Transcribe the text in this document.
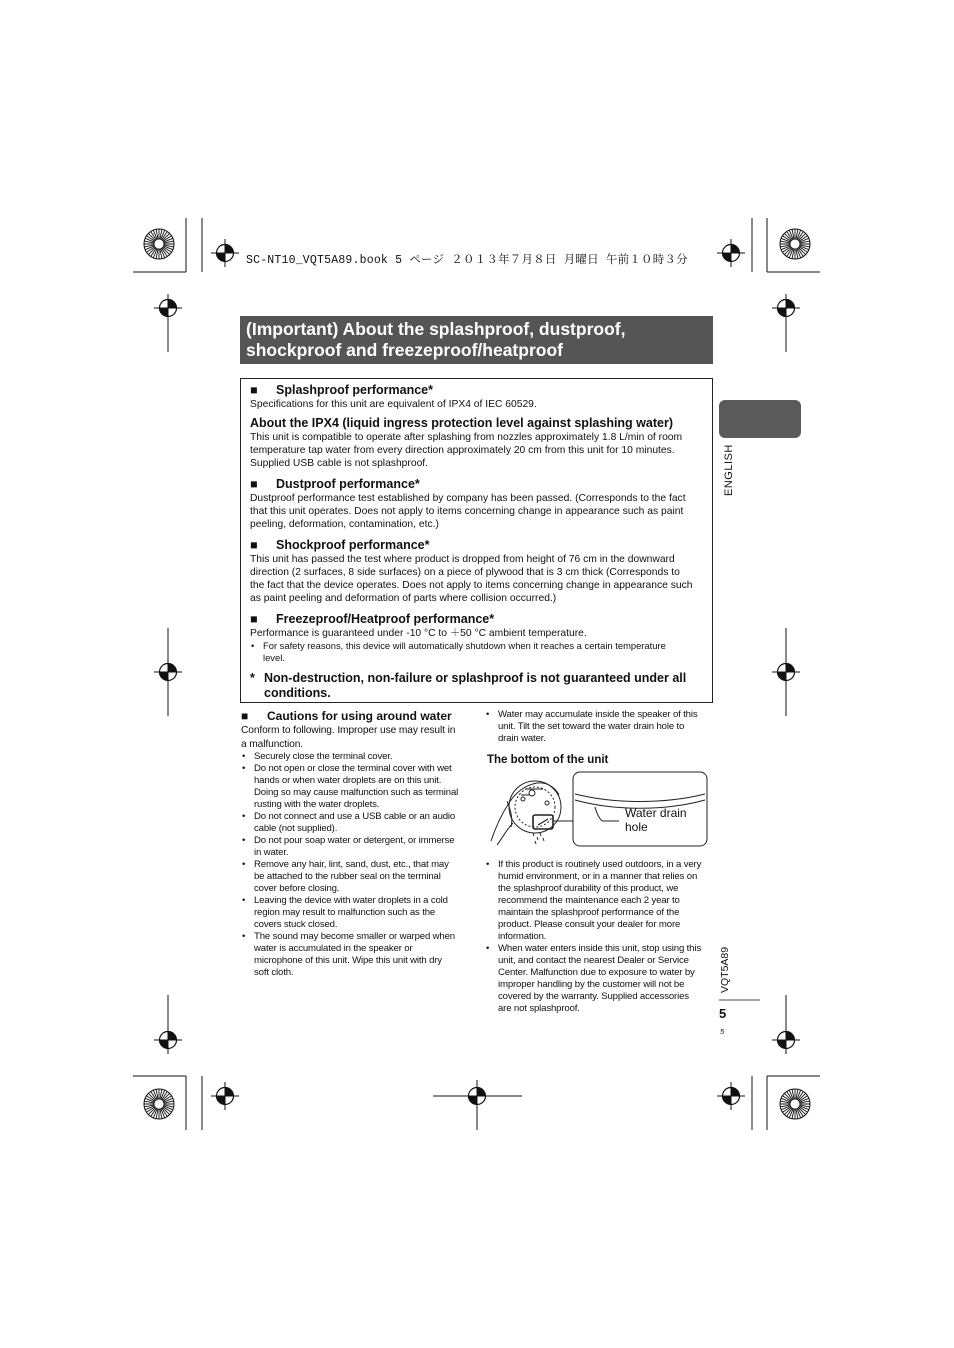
SC-NT10_VQT5A89.book 5 ページ ２０１３年７月８日 月曜日 午前１０時３分
(Important) About the splashproof, dustproof,
shockproof and freezeproof/heatproof
■ Splashproof performance*
Specifications for this unit are equivalent of IPX4 of IEC 60529.
About the IPX4 (liquid ingress protection level against splashing water)
This unit is compatible to operate after splashing from nozzles approximately 1.8 L/min of room
temperature tap water from every direction approximately 20 cm from this unit for 10 minutes.
Supplied USB cable is not splashproof.
■ Dustproof performance*
Dustproof performance test established by company has been passed. (Corresponds to the fact
that this unit operates. Does not apply to items concerning change in appearance such as paint
peeling, deformation, contamination, etc.)
■ Shockproof performance*
This unit has passed the test where product is dropped from height of 76 cm in the downward
direction (2 surfaces, 8 side surfaces) on a piece of plywood that is 3 cm thick (Corresponds to
the fact that the device operates. Does not apply to items concerning change in appearance such
as paint peeling and deformation of parts where collision occurred.)
■ Freezeproof/Heatproof performance*
Performance is guaranteed under -10 °C to ＋50 °C ambient temperature.
• For safety reasons, this device will automatically shutdown when it reaches a certain temperature
level.
* Non-destruction, non-failure or splashproof is not guaranteed under all
conditions.
■ Cautions for using around water
Conform to following. Improper use may result in
a malfunction.
• Securely close the terminal cover.
• Do not open or close the terminal cover with wet
hands or when water droplets are on this unit.
Doing so may cause malfunction such as terminal
rusting with the water droplets.
• Do not connect and use a USB cable or an audio
cable (not supplied).
• Do not pour soap water or detergent, or immerse
in water.
• Remove any hair, lint, sand, dust, etc., that may
be attached to the rubber seal on the terminal
cover before closing.
• Leaving the device with water droplets in a cold
region may result to malfunction such as the
covers stuck closed.
• The sound may become smaller or warped when
water is accumulated in the speaker or
microphone of this unit. Wipe this unit with dry
soft cloth.
• Water may accumulate inside the speaker of this
unit. Tilt the set toward the water drain hole to
drain water.
The bottom of the unit
Water drain
hole
• If this product is routinely used outdoors, in a very
humid environment, or in a manner that relies on
the splashproof durability of this product, we
recommend the maintenance each 2 year to
maintain the splashproof performance of the
product. Please consult your dealer for more
information.
• When water enters inside this unit, stop using this
unit, and contact the nearest Dealer or Service
Center. Malfunction due to exposure to water by
improper handling by the customer will not be
covered by the warranty. Supplied accessories
are not splashproof.
ENGLISH
VQT5A89
5
5
